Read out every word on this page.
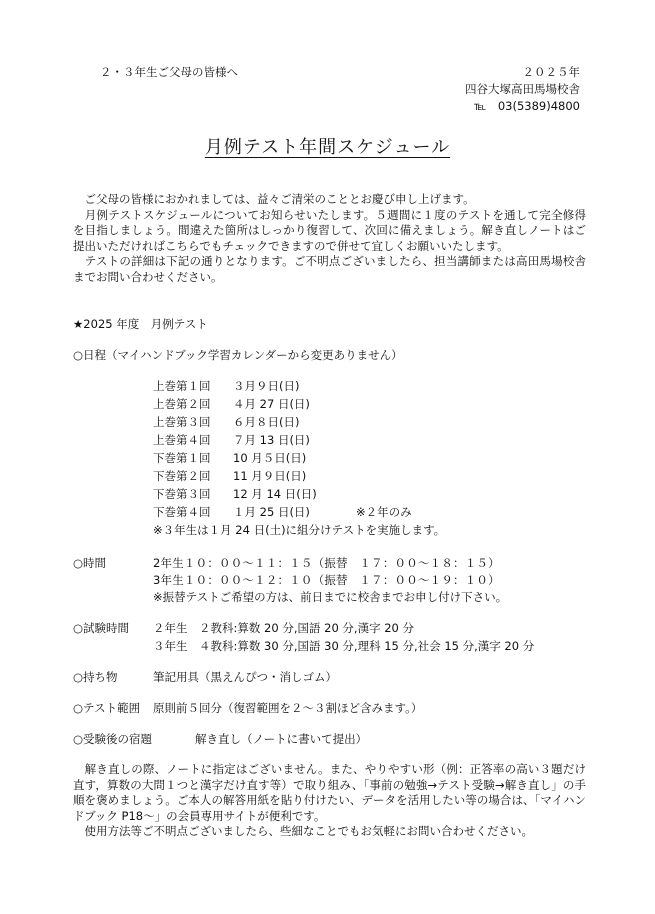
２・３年生ご父母の皆様へ	２０２５年
四谷大塚高田馬場校舎
℡　03(5389)4800
月例テスト年間スケジュール

　ご父母の皆様におかれましては、益々ご清栄のこととお慶び申し上げます。

　月例テストスケジュールについてお知らせいたします。５週間に１度のテストを通して完全修得を目指しましょう。間違えた箇所はしっかり復習して、次回に備えましょう。解き直しノートはご提出いただければこちらでもチェックできますので併せて宜しくお願いいたします。

　テストの詳細は下記の通りとなります。ご不明点ございましたら、担当講師または高田馬場校舎までお問い合わせください。

★2025 年度　月例テスト
○日程（マイハンドブック学習カレンダーから変更ありません）
上巻第１回 ３月９日(日)
上巻第２回 ４月 27 日(日)
上巻第３回 ６月８日(日)
上巻第４回 ７月 13 日(日)
下巻第１回 10 月５日(日)
下巻第２回 11 月９日(日)
下巻第３回 12 月 14 日(日)
下巻第４回 １月 25 日(日)	※２年のみ
※３年生は１月 24 日(土)に組分けテストを実施します。
○時間	2年生１０：００～１１：１５（振替　１７：００～１８：１５）
3年生１０：００～１２：１０（振替　１７：００～１９：１０）
※振替テストご希望の方は、前日までに校舎までお申し付け下さい。
○試験時間 ２年生　２教科:算数 20 分,国語 20 分,漢字 20 分
３年生　４教科:算数 30 分,国語 30 分,理科 15 分,社会 15 分,漢字 20 分
○持ち物	筆記用具（黒えんぴつ・消しゴム）
○テスト範囲 原則前５回分（復習範囲を２～３割ほど含みます。）
○受験後の宿題	解き直し（ノートに書いて提出）

　解き直しの際、ノートに指定はございません。また、やりやすい形（例：正答率の高い３題だけ直す，算数の大問１つと漢字だけ直す等）で取り組み、「事前の勉強→テスト受験→解き直し」の手順を褒めましょう。ご本人の解答用紙を貼り付けたい、データを活用したい等の場合は、「マイハンドブック P18～」の会員専用サイトが便利です。

　使用方法等ご不明点ございましたら、些細なことでもお気軽にお問い合わせください。
